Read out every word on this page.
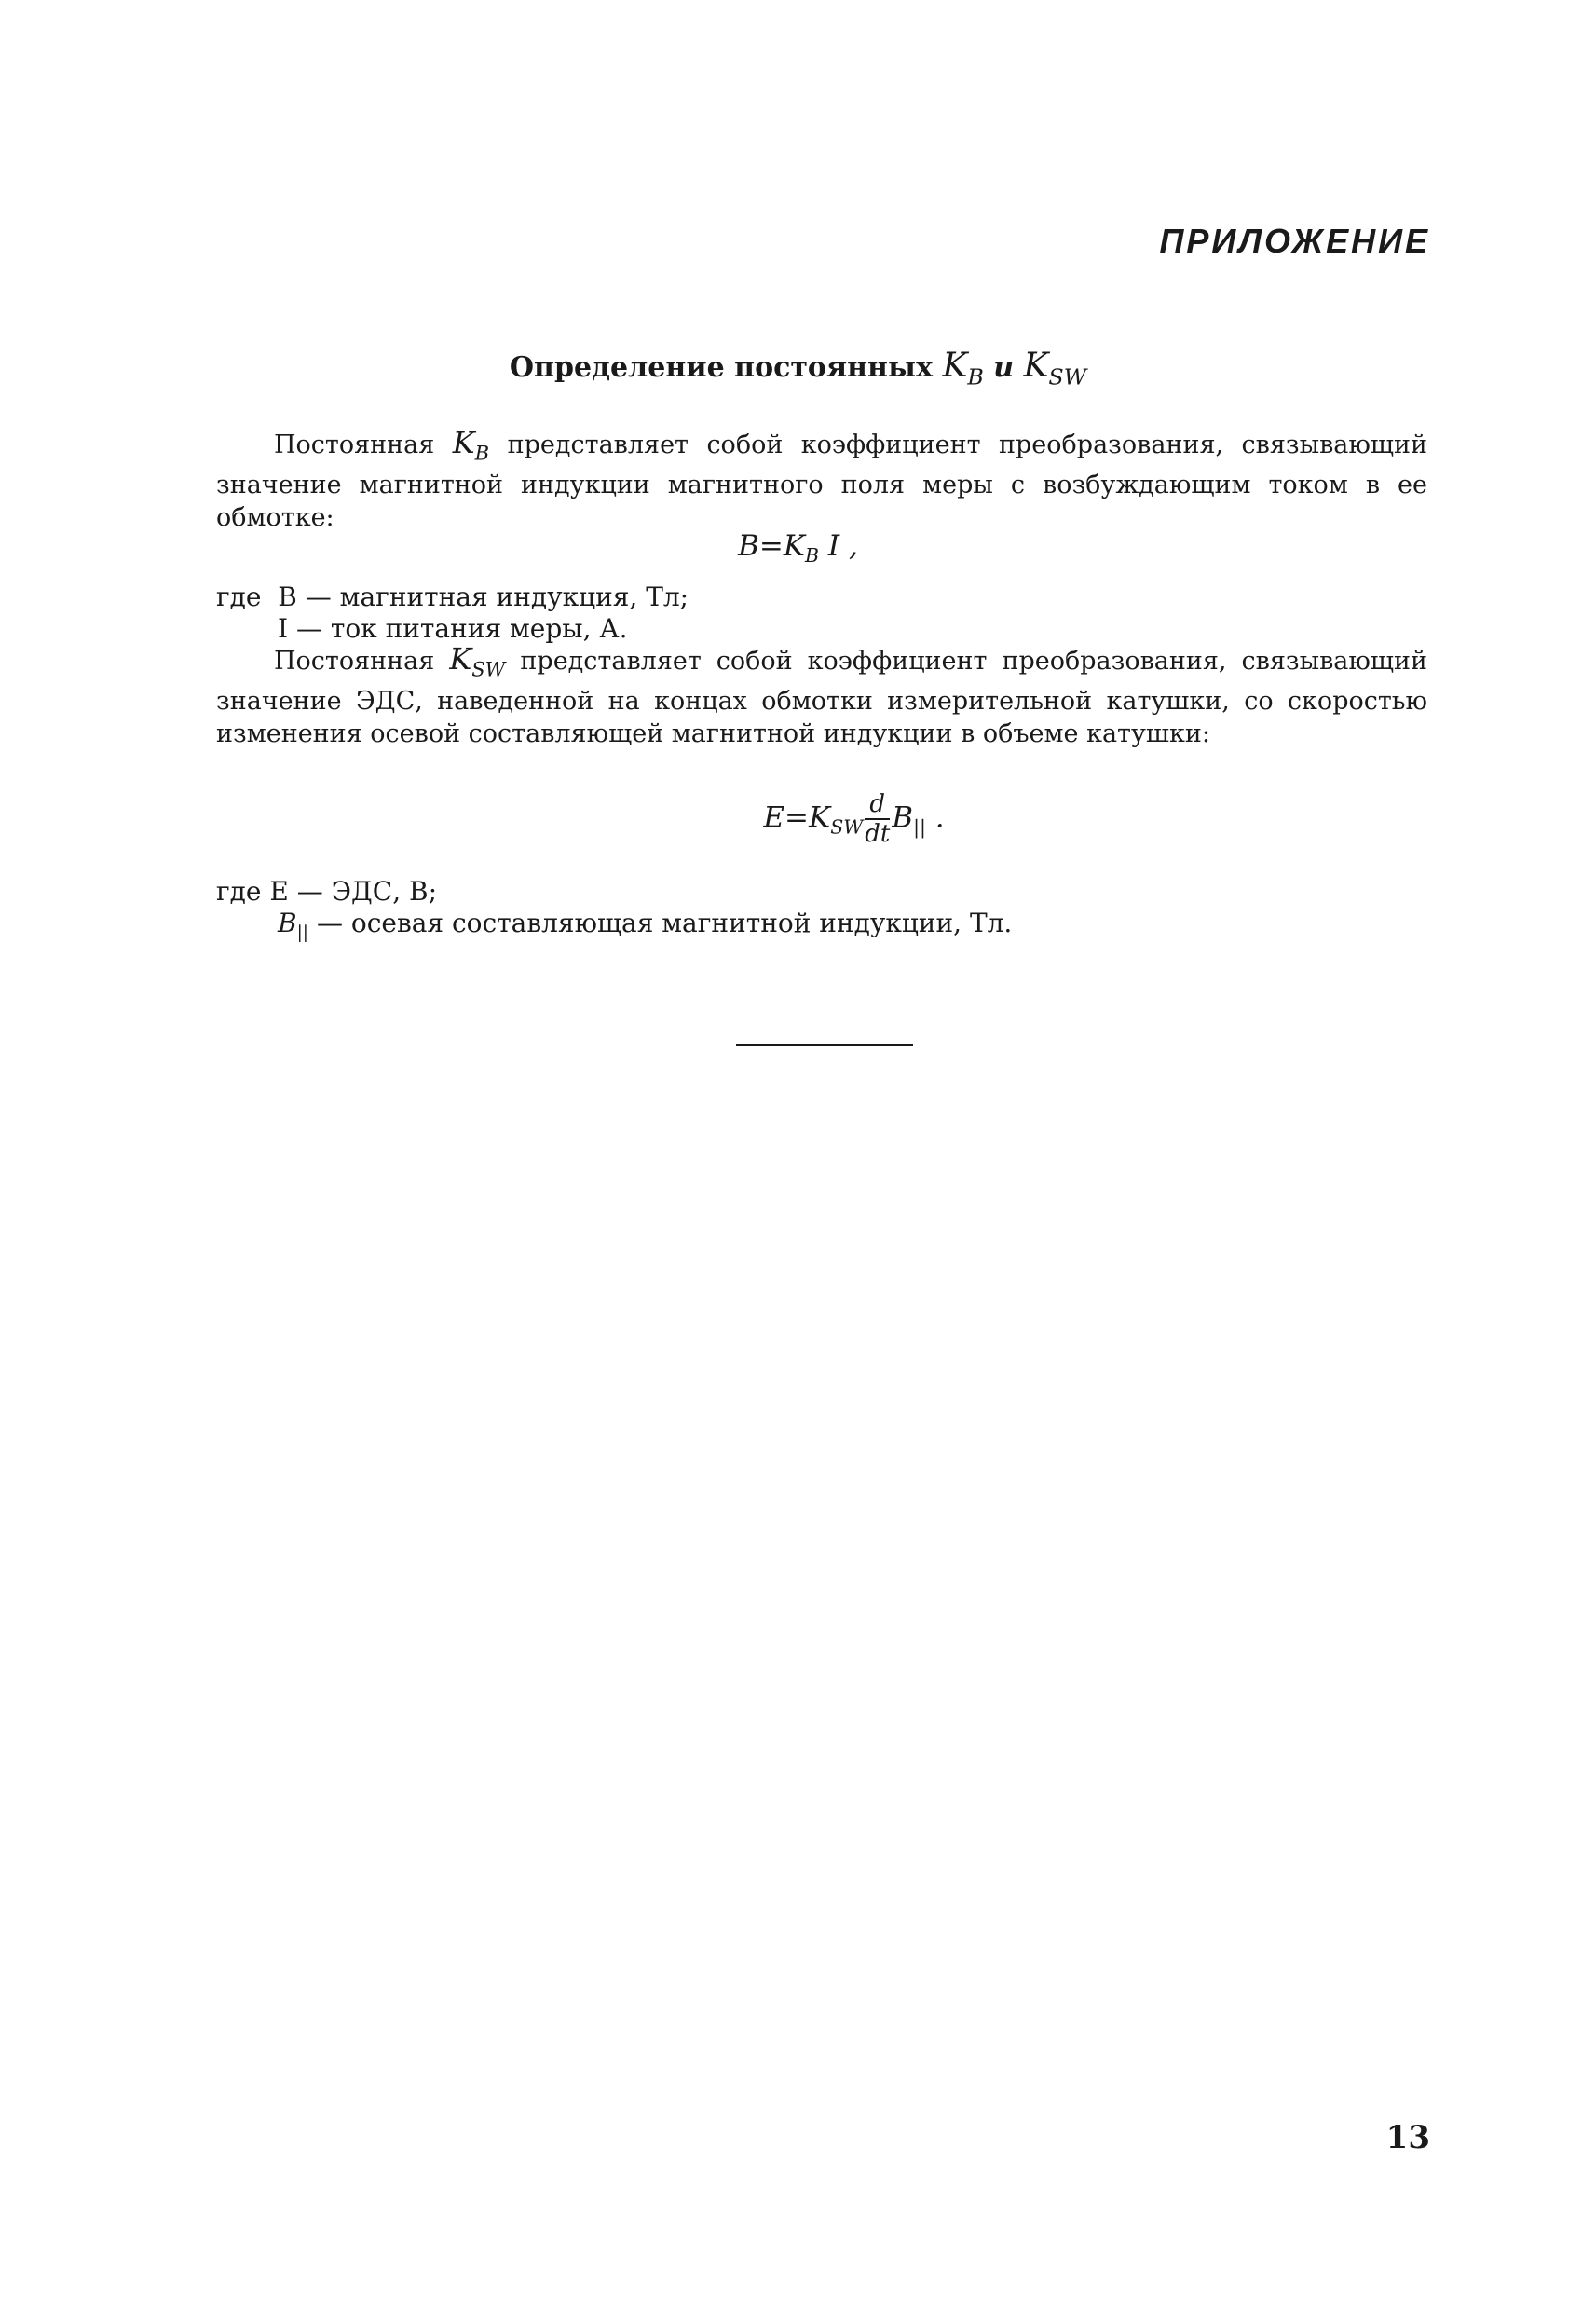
ПРИЛОЖЕНИЕ
Определение постоянных $K_B$ и $K_{SW}$

Постоянная $K_B$ представляет собой коэффициент преобразования, связывающий значение магнитной индукции магнитного поля меры с возбуждающим током в ее обмотке:

$B=K_B$ I ,
где B — магнитная индукция, Тл;
I — ток питания меры, А.

Постоянная $K_{SW}$ представляет собой коэффициент преобразования, связывающий значение ЭДС, наведенной на концах обмотки измерительной катушки, со скоростью изменения осевой составляющей магнитной индукции в объеме катушки:

$E=K_{SW} \frac{d}{dt} B_{||}$ .
где E — ЭДС, В;
$B_{||}$ — осевая составляющая магнитной индукции, Тл.
13
